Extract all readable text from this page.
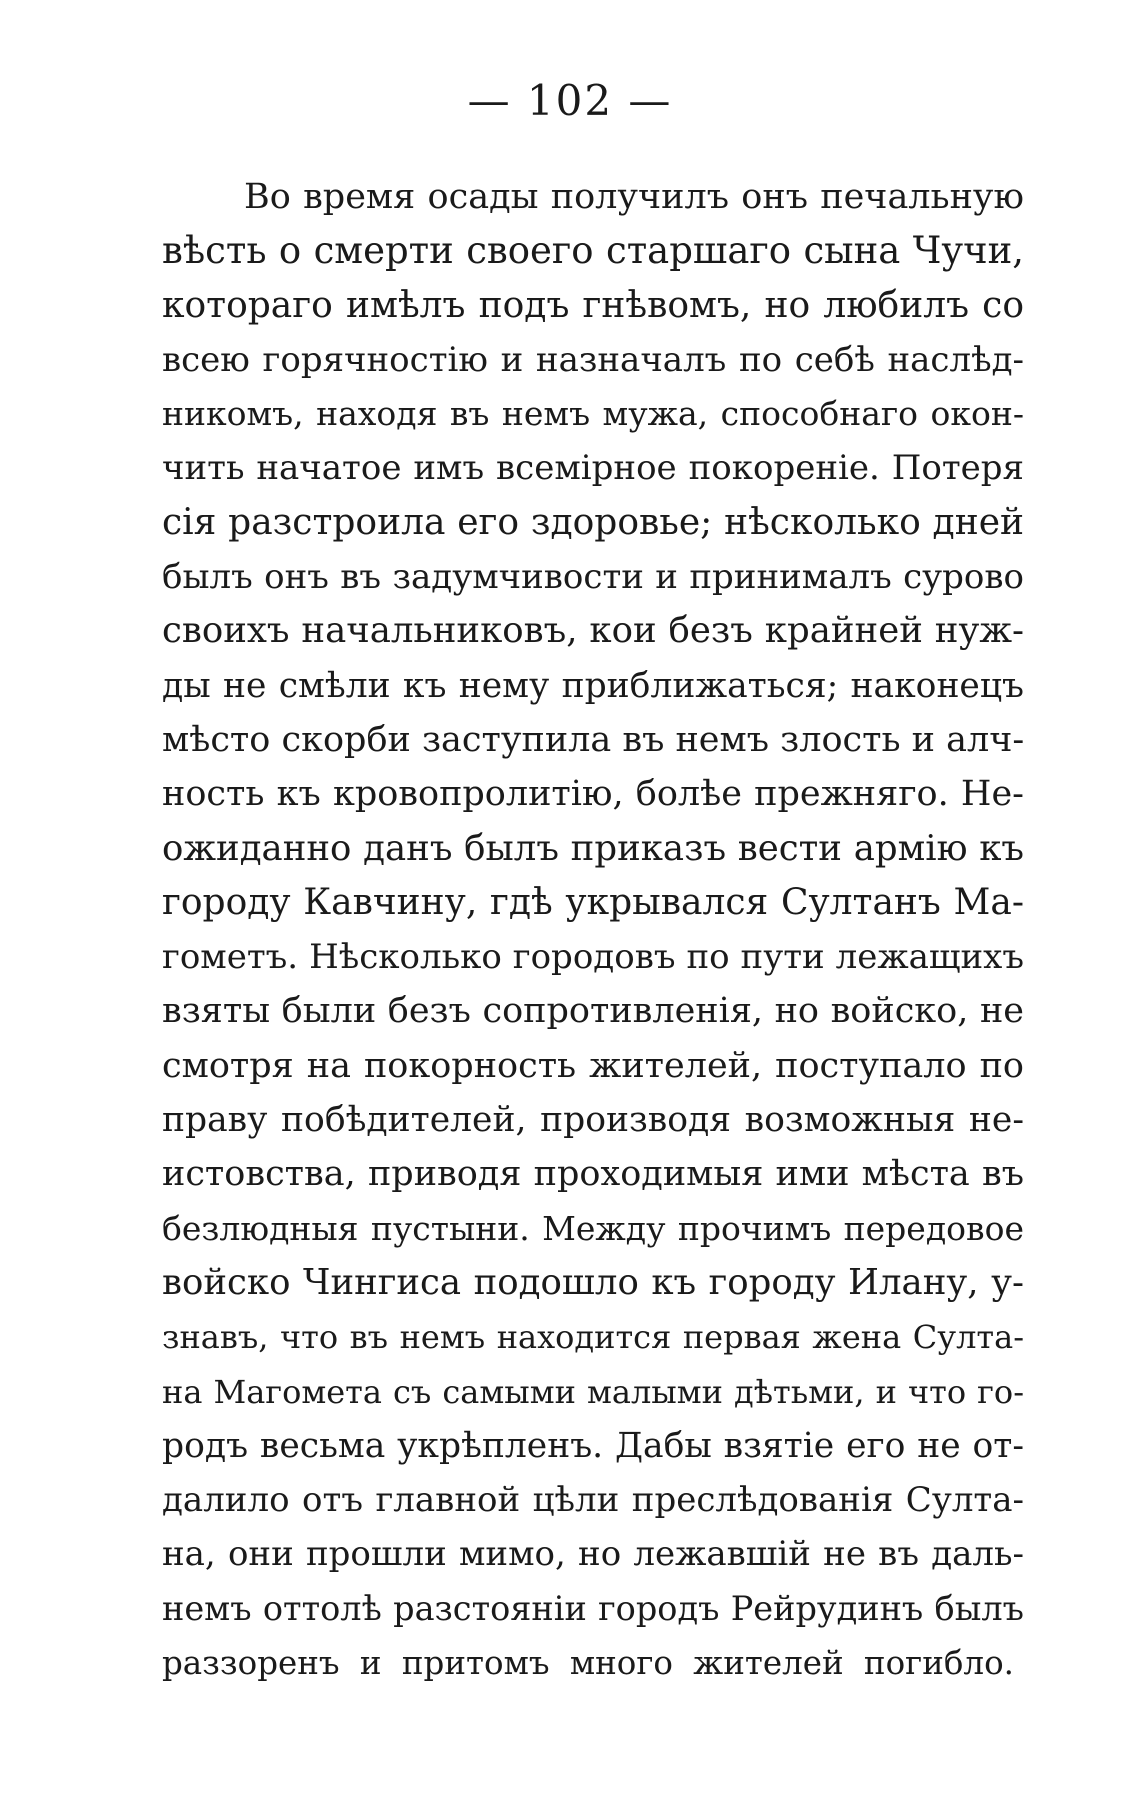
— 102 —
Во время осады получилъ онъ печальную
вѣсть о смерти своего старшаго сына Чучи,
котораго имѣлъ подъ гнѣвомъ, но любилъ со
всею горячностію и назначалъ по себѣ наслѣд-
никомъ, находя въ немъ мужа, способнаго окон-
чить начатое имъ всемірное покореніе. Потеря
сія разстроила его здоровье; нѣсколько дней
былъ онъ въ задумчивости и принималъ сурово
своихъ начальниковъ, кои безъ крайней нуж-
ды не смѣли къ нему приближаться; наконецъ
мѣсто скорби заступила въ немъ злость и алч-
ность къ кровопролитію, болѣе прежняго. Не-
ожиданно данъ былъ приказъ вести армію къ
городу Кавчину, гдѣ укрывался Султанъ Ма-
гометъ. Нѣсколько городовъ по пути лежащихъ
взяты были безъ сопротивленія, но войско, не
смотря на покорность жителей, поступало по
праву побѣдителей, производя возможныя не-
истовства, приводя проходимыя ими мѣста въ
безлюдныя пустыни. Между прочимъ передовое
войско Чингиса подошло къ городу Илану, у-
знавъ, что въ немъ находится первая жена Султа-
на Магомета съ самыми малыми дѣтьми, и что го-
родъ весьма укрѣпленъ. Дабы взятіе его не от-
далило отъ главной цѣли преслѣдованія Султа-
на, они прошли мимо, но лежавшій не въ даль-
немъ оттолѣ разстояніи городъ Рейрудинъ былъ
раззоренъ и притомъ много жителей погибло.
